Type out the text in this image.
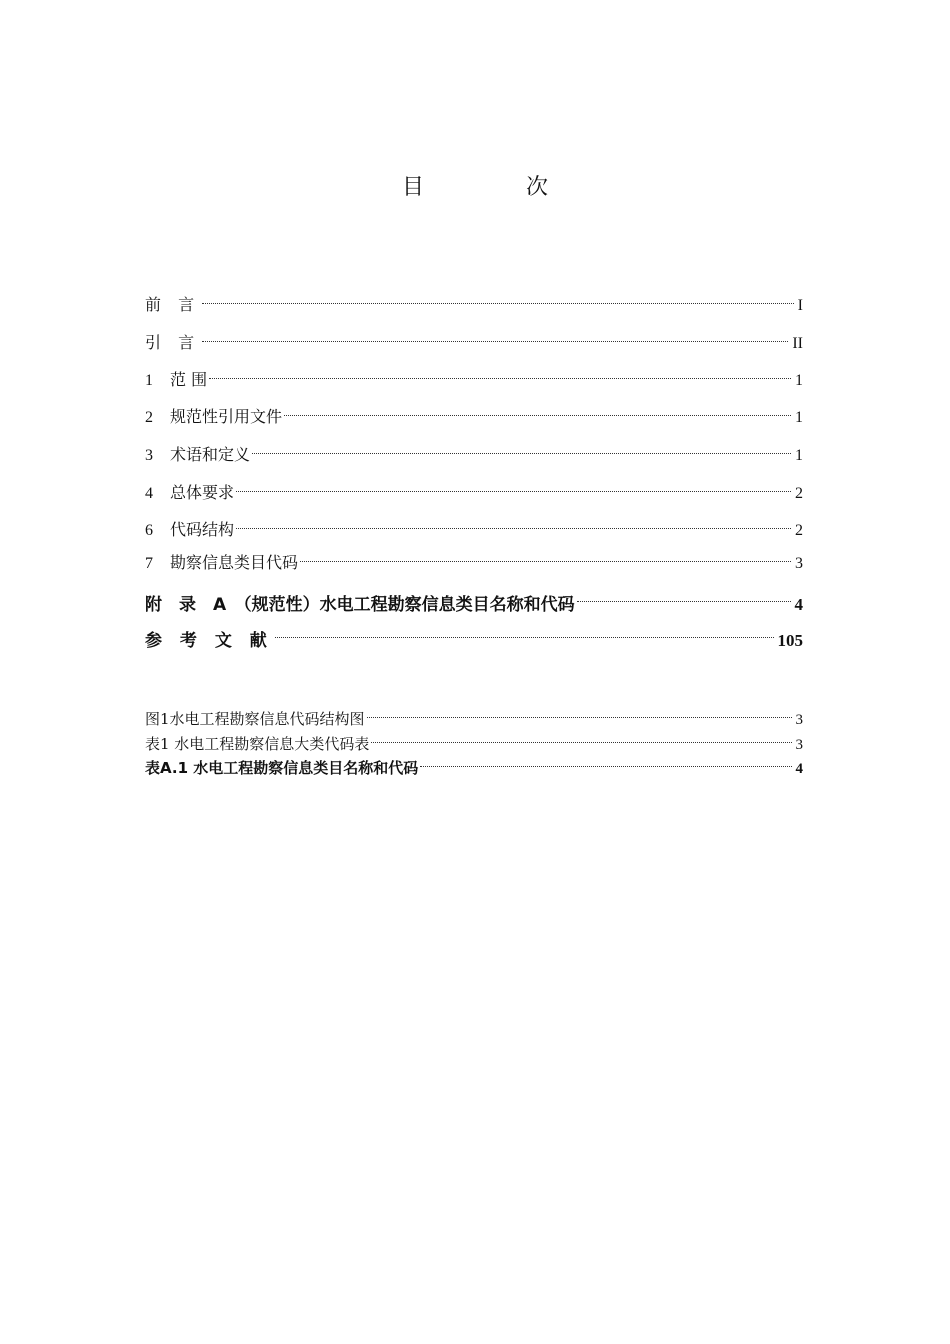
目　次
前 言	I
引 言	II
1 范 围	1
2 规范性引用文件	1
3 术语和定义	1
4 总体要求	2
6 代码结构	2
7 勘察信息类目代码	3
附　录　A　（规范性）水电工程勘察信息类目名称和代码	4
参 考 文 献	105
图1水电工程勘察信息代码结构图	3
表1 水电工程勘察信息大类代码表	3
表A.1 水电工程勘察信息类目名称和代码	4
